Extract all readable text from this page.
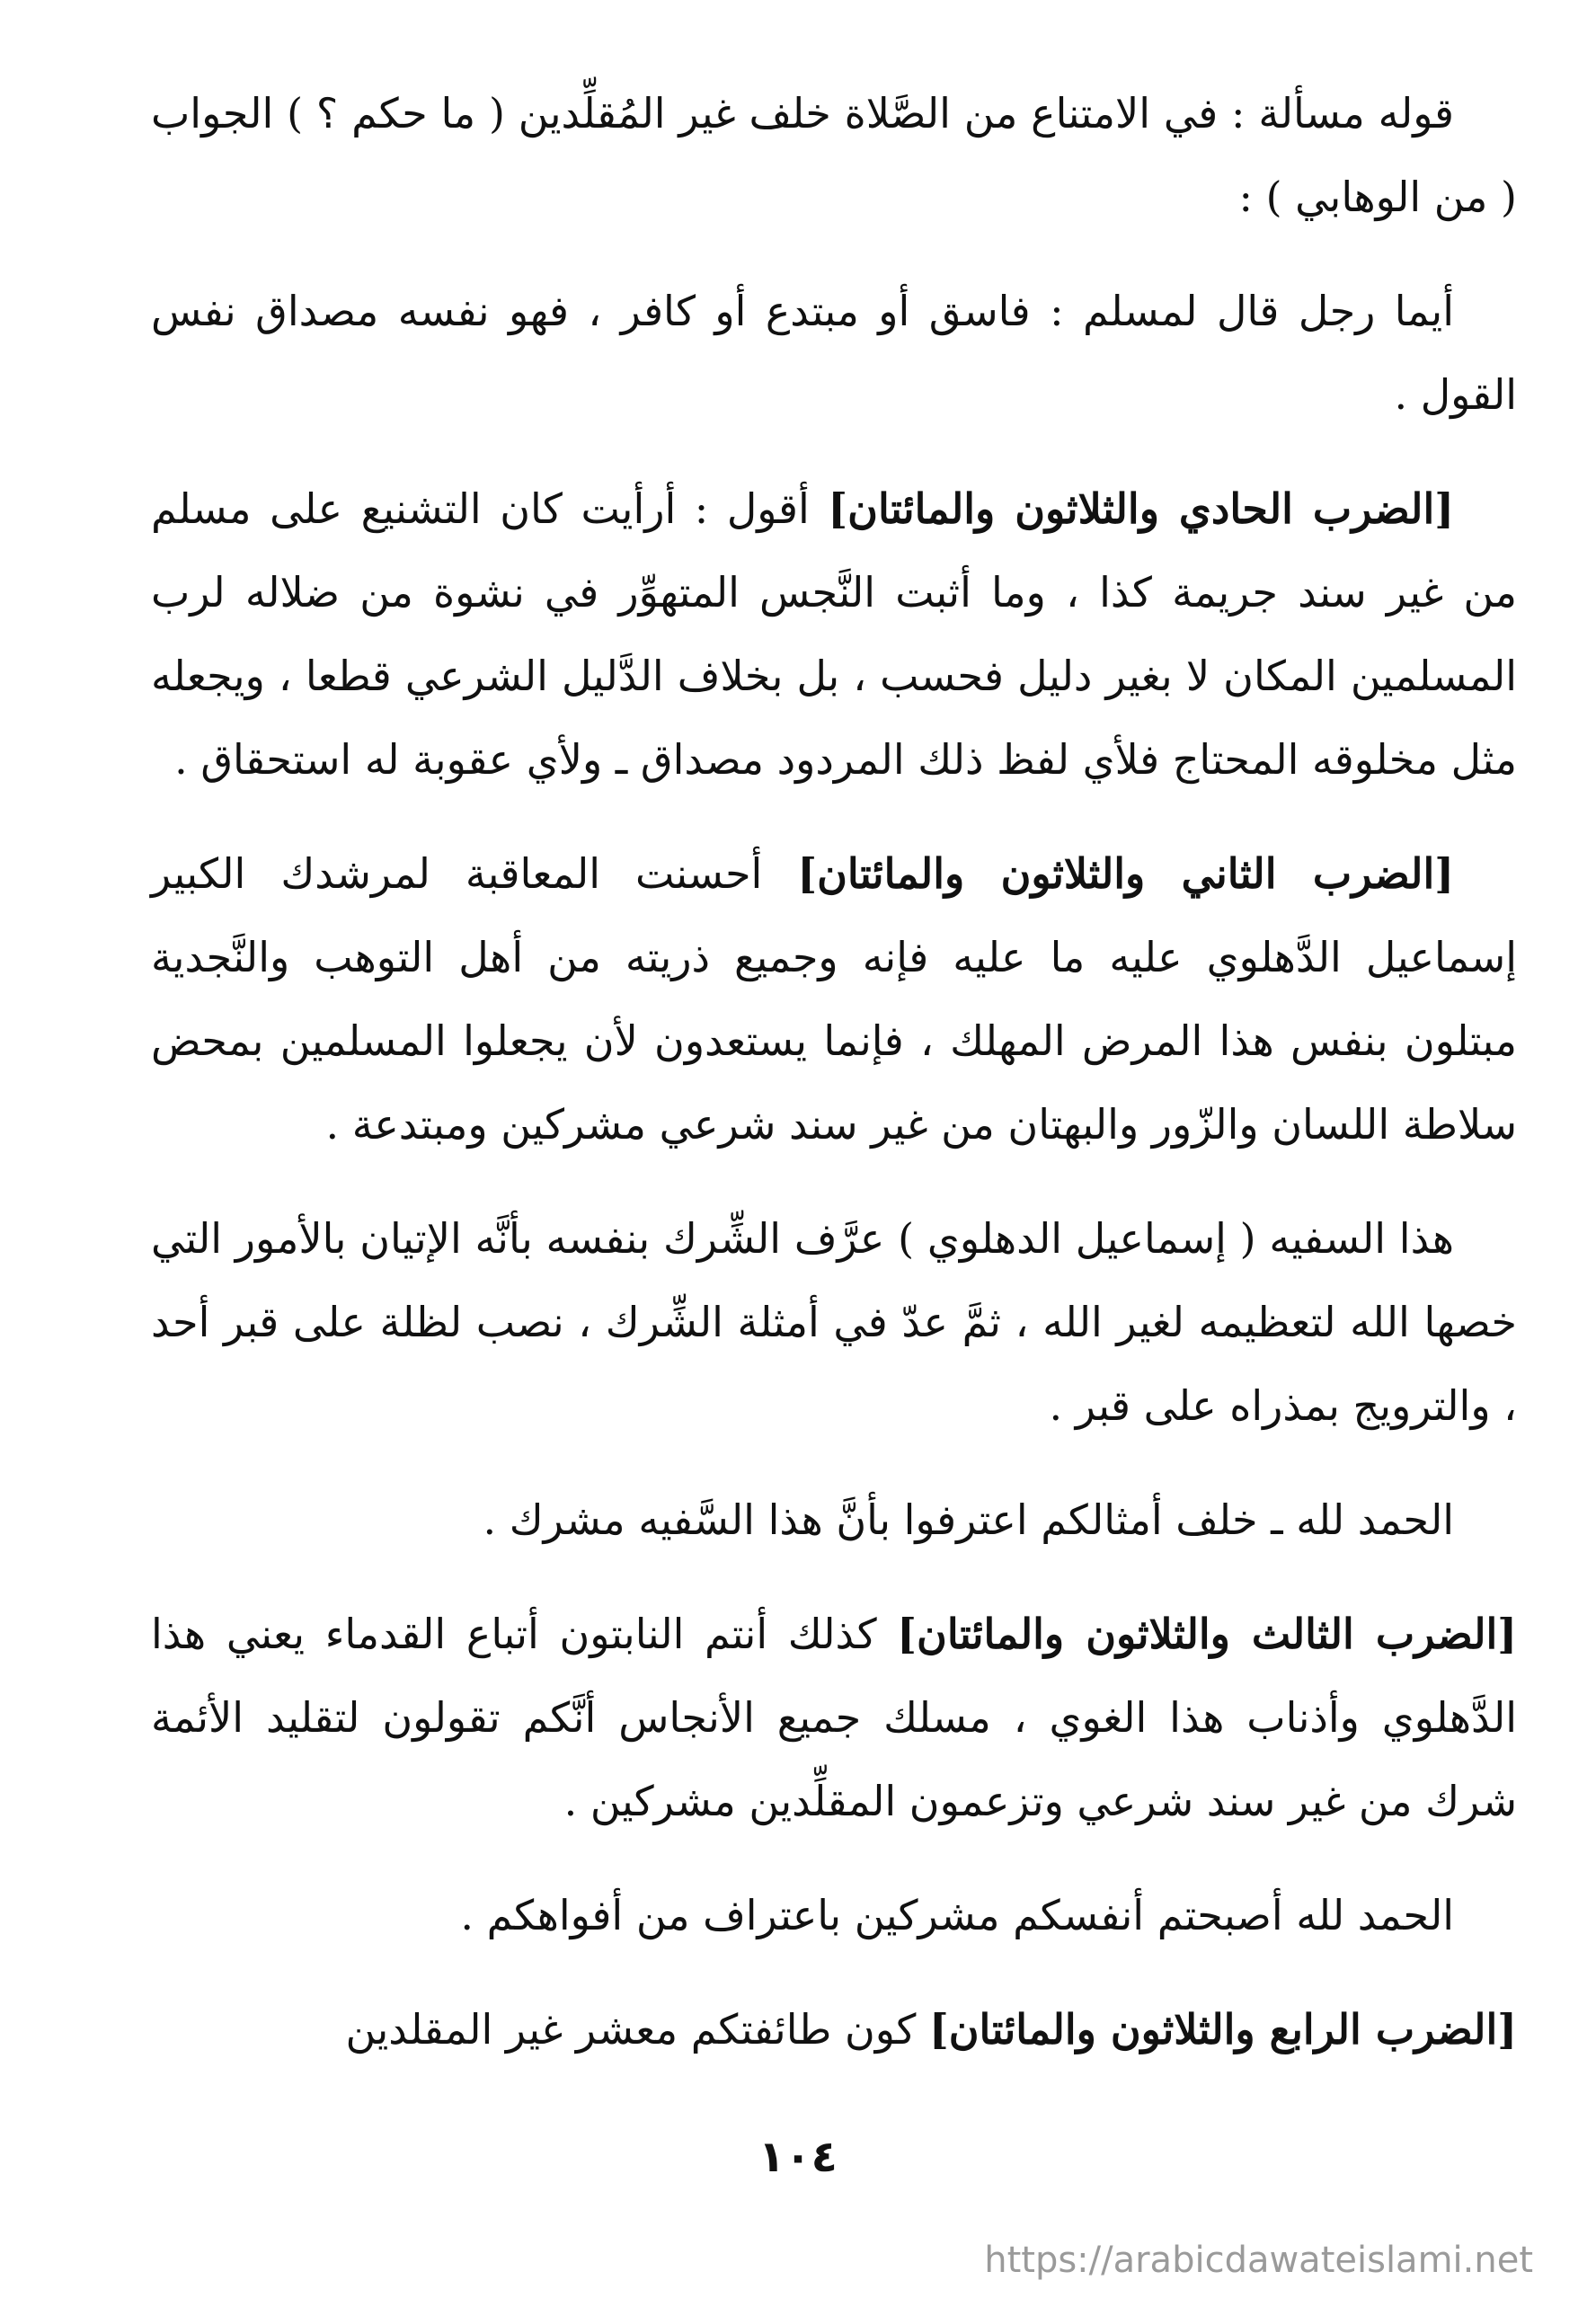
قوله مسألة : في الامتناع من الصَّلاة خلف غير المُقلِّدين ( ما حكم ؟ ) الجواب ( من الوهابي ) :

أيما رجل قال لمسلم : فاسق أو مبتدع أو كافر ، فهو نفسه مصداق نفس القول .

[الضرب الحادي والثلاثون والمائتان] أقول : أرأيت كان التشنيع على مسلم من غير سند جريمة كذا ، وما أثبت النَّجس المتهوِّر في نشوة من ضلاله لرب المسلمين المكان لا بغير دليل فحسب ، بل بخلاف الدَّليل الشرعي قطعا ، ويجعله مثل مخلوقه المحتاج فلأي لفظ ذلك المردود مصداق ـ ولأي عقوبة له استحقاق .

[الضرب الثاني والثلاثون والمائتان] أحسنت المعاقبة لمرشدك الكبير إسماعيل الدَّهلوي عليه ما عليه فإنه وجميع ذريته من أهل التوهب والنَّجدية مبتلون بنفس هذا المرض المهلك ، فإنما يستعدون لأن يجعلوا المسلمين بمحض سلاطة اللسان والزّور والبهتان من غير سند شرعي مشركين ومبتدعة .

هذا السفيه ( إسماعيل الدهلوي ) عرَّف الشِّرك بنفسه بأنَّه الإتيان بالأمور التي خصها الله لتعظيمه لغير الله ، ثمَّ عدّ في أمثلة الشِّرك ، نصب لظلة على قبر أحد ، والترويج بمذراه على قبر .

الحمد لله ـ خلف أمثالكم اعترفوا بأنَّ هذا السَّفيه مشرك .

[الضرب الثالث والثلاثون والمائتان] كذلك أنتم النابتون أتباع القدماء يعني هذا الدَّهلوي وأذناب هذا الغوي ، مسلك جميع الأنجاس أنَّكم تقولون لتقليد الأئمة شرك من غير سند شرعي وتزعمون المقلِّدين مشركين .

الحمد لله أصبحتم أنفسكم مشركين باعتراف من أفواهكم .

[الضرب الرابع والثلاثون والمائتان] كون طائفتكم معشر غير المقلدين

١٠٤
https://arabicdawateislami.net
